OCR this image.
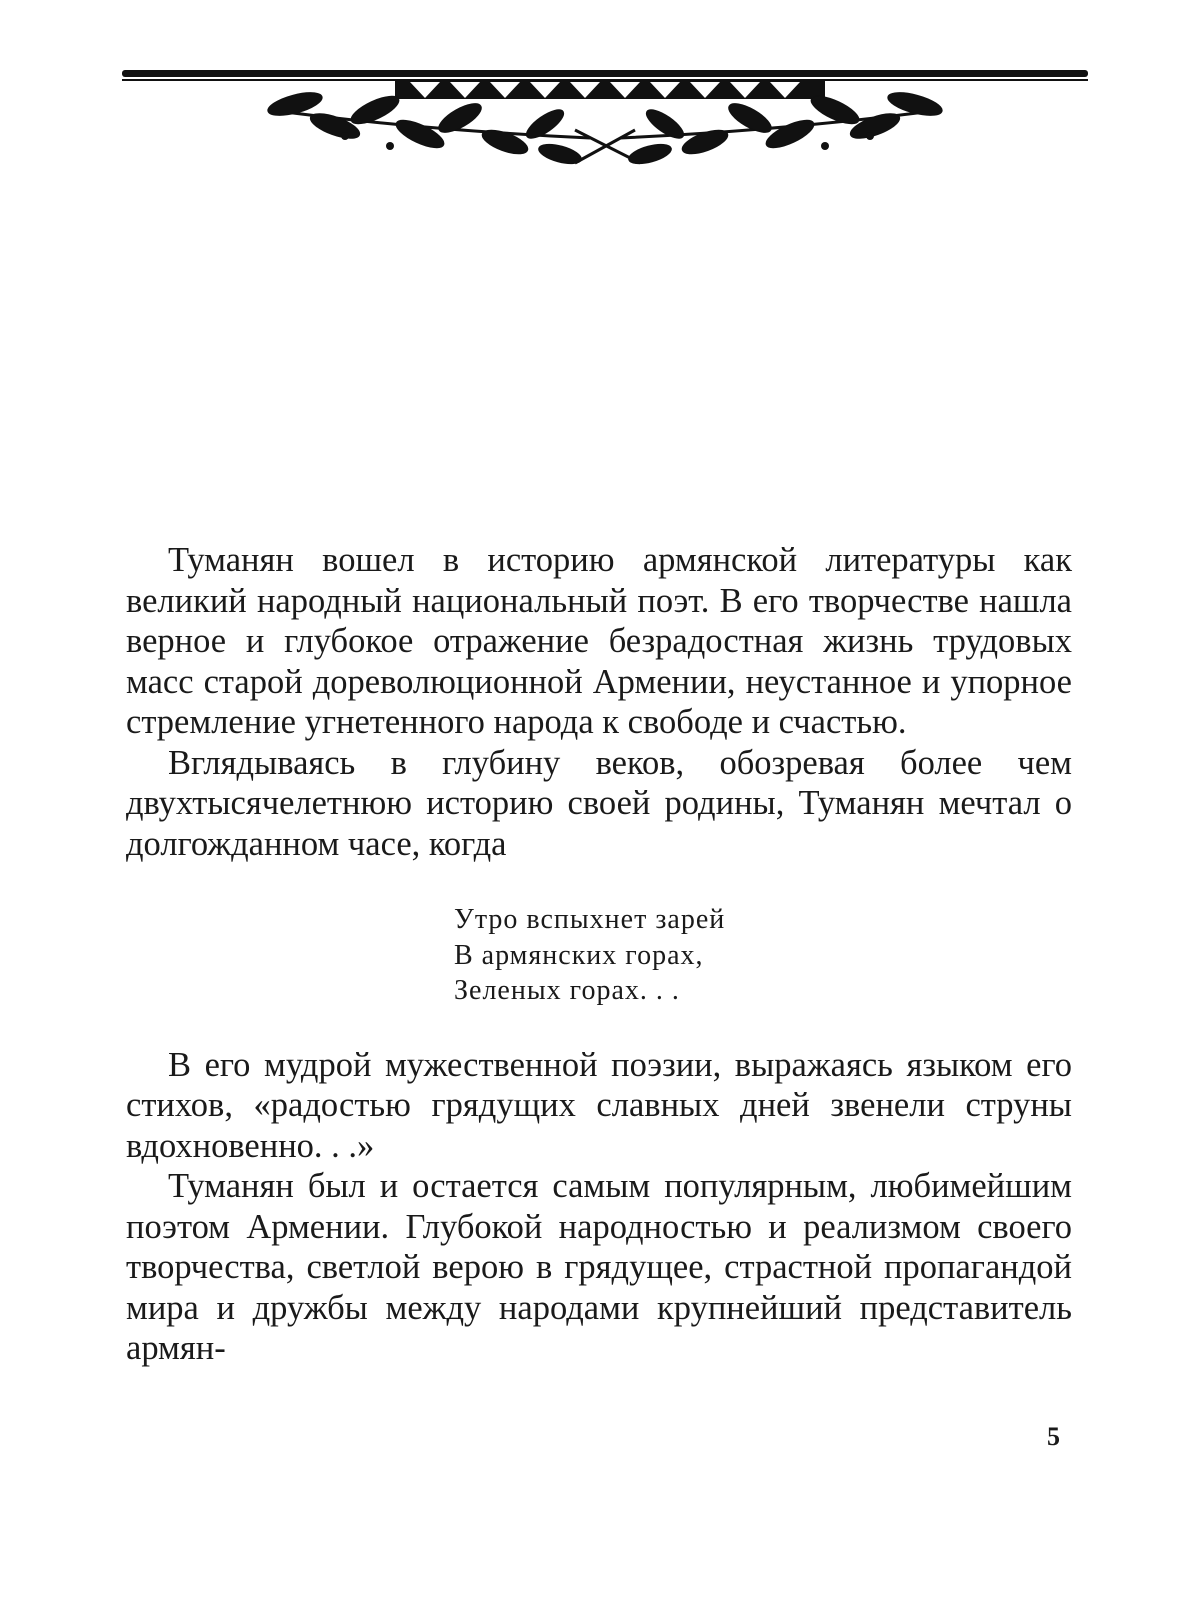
Туманян вошел в историю армянской литературы как великий народный национальный поэт. В его творчестве нашла верное и глубокое отражение безрадостная жизнь трудовых масс старой дореволюционной Армении, неустанное и упорное стремление угнетенного народа к свободе и счастью.

Вглядываясь в глубину веков, обозревая более чем двухтысячелетнюю историю своей родины, Туманян мечтал о долгожданном часе, когда

Утро вспыхнет зарей
В армянских горах,
Зеленых горах. . .

В его мудрой мужественной поэзии, выражаясь языком его стихов, «радостью грядущих славных дней звенели струны вдохновенно. . .»

Туманян был и остается самым популярным, любимейшим поэтом Армении. Глубокой народностью и реализмом своего творчества, светлой верою в грядущее, страстной пропагандой мира и дружбы между народами крупнейший представитель армян-

5
